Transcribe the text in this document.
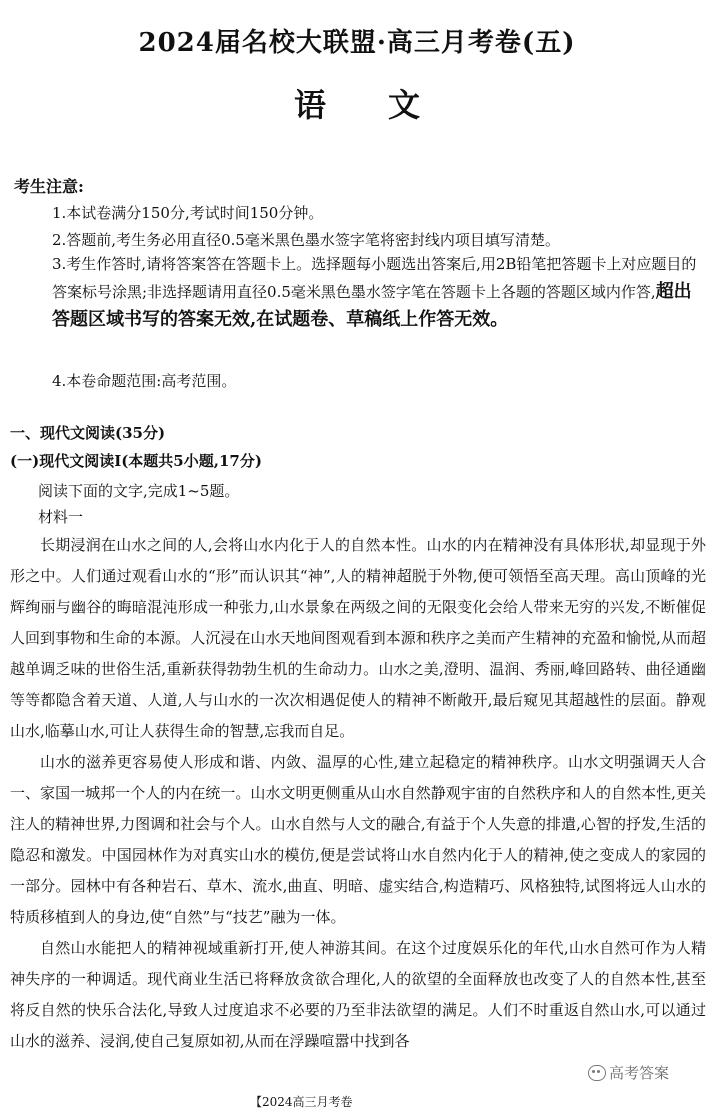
2024届名校大联盟·高三月考卷(五)
语文
考生注意:
1.本试卷满分150分,考试时间150分钟。
2.答题前,考生务必用直径0.5毫米黑色墨水签字笔将密封线内项目填写清楚。
3.考生作答时,请将答案答在答题卡上。选择题每小题选出答案后,用2B铅笔把答题卡上对应题目的答案标号涂黑;非选择题请用直径0.5毫米黑色墨水签字笔在答题卡上各题的答题区域内作答,超出答题区域书写的答案无效,在试题卷、草稿纸上作答无效。
4.本卷命题范围:高考范围。
一、现代文阅读(35分)
(一)现代文阅读Ⅰ(本题共5小题,17分)
阅读下面的文字,完成1~5题。
材料一

长期浸润在山水之间的人,会将山水内化于人的自然本性。山水的内在精神没有具体形状,却显现于外形之中。人们通过观看山水的“形”而认识其“神”,人的精神超脱于外物,便可领悟至高天理。高山顶峰的光辉绚丽与幽谷的晦暗混沌形成一种张力,山水景象在两级之间的无限变化会给人带来无穷的兴发,不断催促人回到事物和生命的本源。人沉浸在山水天地间图观看到本源和秩序之美而产生精神的充盈和愉悦,从而超越单调乏味的世俗生活,重新获得勃勃生机的生命动力。山水之美,澄明、温润、秀丽,峰回路转、曲径通幽等等都隐含着天道、人道,人与山水的一次次相遇促使人的精神不断敞开,最后窥见其超越性的层面。静观山水,临摹山水,可让人获得生命的智慧,忘我而自足。

山水的滋养更容易使人形成和谐、内敛、温厚的心性,建立起稳定的精神秩序。山水文明强调天人合一、家国一城邦一个人的内在统一。山水文明更侧重从山水自然静观宇宙的自然秩序和人的自然本性,更关注人的精神世界,力图调和社会与个人。山水自然与人文的融合,有益于个人失意的排遣,心智的抒发,生活的隐忍和激发。中国园林作为对真实山水的模仿,便是尝试将山水自然内化于人的精神,使之变成人的家园的一部分。园林中有各种岩石、草木、流水,曲直、明暗、虚实结合,构造精巧、风格独特,试图将远人山水的特质移植到人的身边,使“自然”与“技艺”融为一体。

自然山水能把人的精神视域重新打开,使人神游其间。在这个过度娱乐化的年代,山水自然可作为人精神失序的一种调适。现代商业生活已将释放贪欲合理化,人的欲望的全面释放也改变了人的自然本性,甚至将反自然的快乐合法化,导致人过度追求不必要的乃至非法欲望的满足。人们不时重返自然山水,可以通过山水的滋养、浸润,使自己复原如初,从而在浮躁喧嚣中找到各

高考答案
【2024高三月考卷
